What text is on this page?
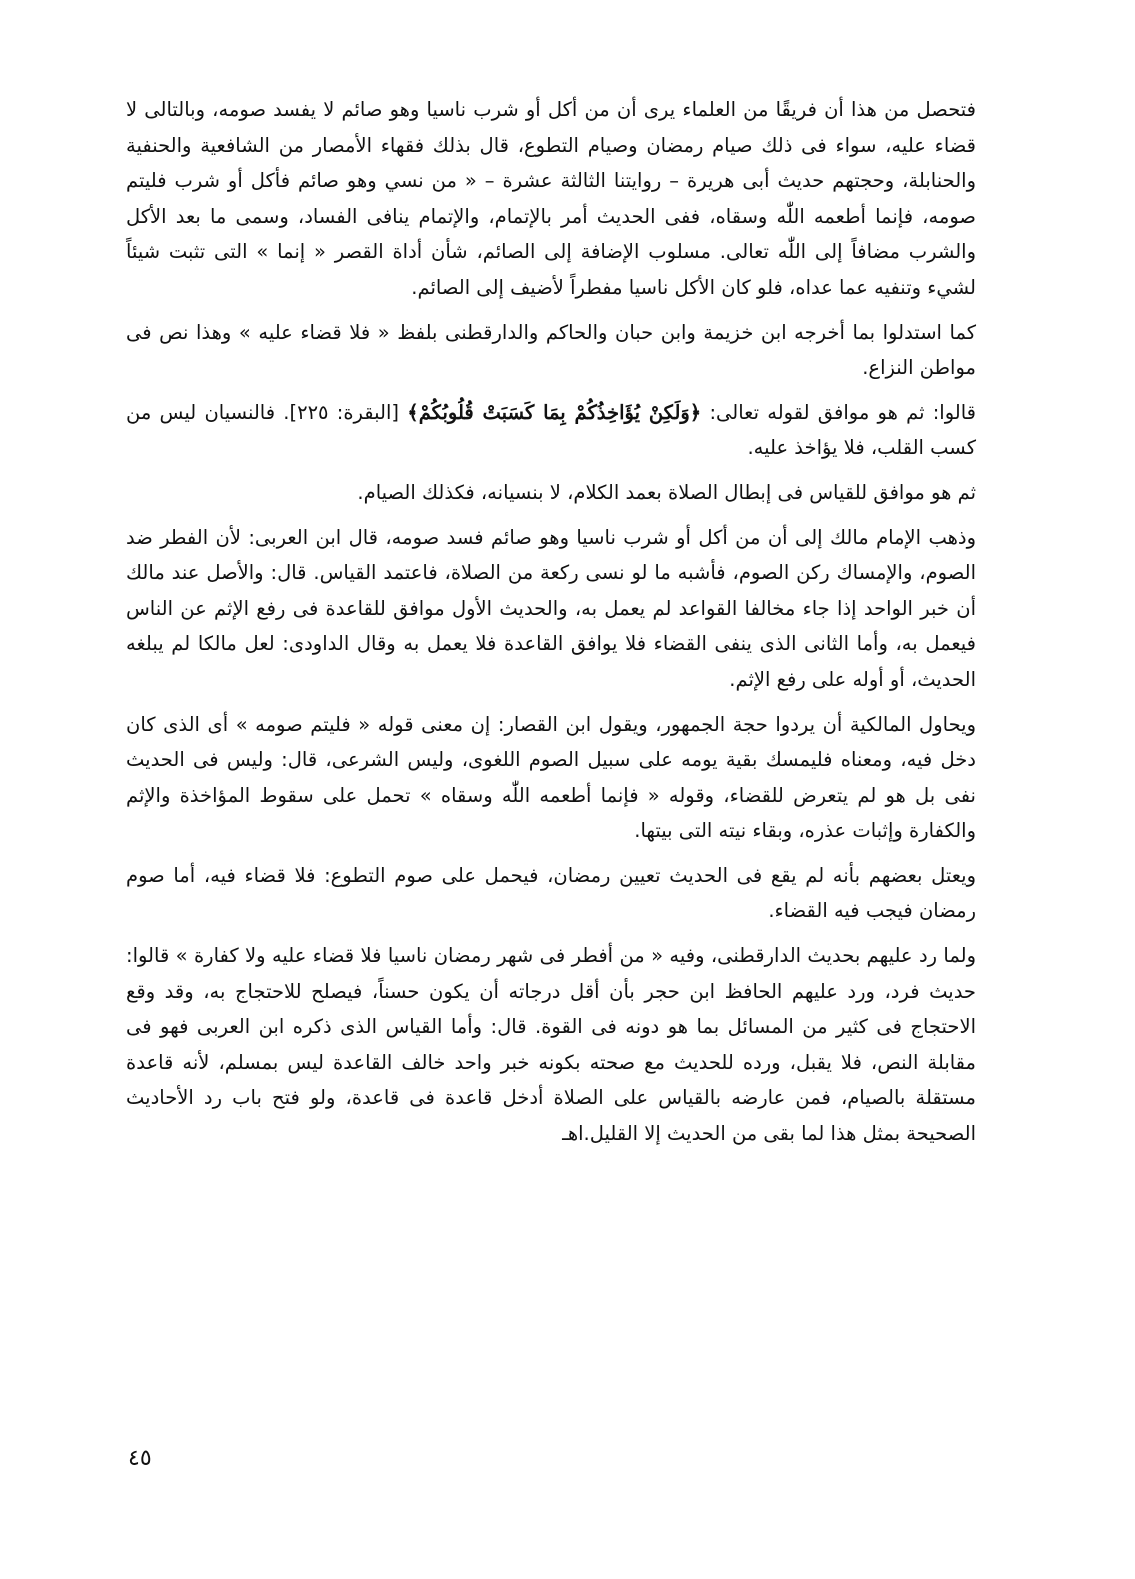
فتحصل من هذا أن فريقًا من العلماء يرى أن من أكل أو شرب ناسيا وهو صائم لا يفسد صومه، وبالتالى لا قضاء عليه، سواء فى ذلك صيام رمضان وصيام التطوع، قال بذلك فقهاء الأمصار من الشافعية والحنفية والحنابلة، وحجتهم حديث أبى هريرة – روايتنا الثالثة عشرة – « من نسي وهو صائم فأكل أو شرب فليتم صومه، فإنما أطعمه اللّٰه وسقاه، ففى الحديث أمر بالإتمام، والإتمام ينافى الفساد، وسمى ما بعد الأكل والشرب مضافاً إلى اللّٰه تعالى. مسلوب الإضافة إلى الصائم، شأن أداة القصر « إنما » التى تثبت شيئاً لشيء وتنفيه عما عداه، فلو كان الأكل ناسيا مفطراً لأضيف إلى الصائم.

كما استدلوا بما أخرجه ابن خزيمة وابن حبان والحاكم والدارقطنى بلفظ « فلا قضاء عليه » وهذا نص فى مواطن النزاع.

قالوا: ثم هو موافق لقوله تعالى: ﴿وَلَكِنْ يُؤَاخِذُكُمْ بِمَا كَسَبَتْ قُلُوبُكُمْ﴾ [البقرة: ٢٢٥]. فالنسيان ليس من كسب القلب، فلا يؤاخذ عليه.

ثم هو موافق للقياس فى إبطال الصلاة بعمد الكلام، لا بنسيانه، فكذلك الصيام.

وذهب الإمام مالك إلى أن من أكل أو شرب ناسيا وهو صائم فسد صومه، قال ابن العربى: لأن الفطر ضد الصوم، والإمساك ركن الصوم، فأشبه ما لو نسى ركعة من الصلاة، فاعتمد القياس. قال: والأصل عند مالك أن خبر الواحد إذا جاء مخالفا القواعد لم يعمل به، والحديث الأول موافق للقاعدة فى رفع الإثم عن الناس فيعمل به، وأما الثانى الذى ينفى القضاء فلا يوافق القاعدة فلا يعمل به وقال الداودى: لعل مالكا لم يبلغه الحديث، أو أوله على رفع الإثم.

ويحاول المالكية أن يردوا حجة الجمهور، ويقول ابن القصار: إن معنى قوله « فليتم صومه » أى الذى كان دخل فيه، ومعناه فليمسك بقية يومه على سبيل الصوم اللغوى، وليس الشرعى، قال: وليس فى الحديث نفى بل هو لم يتعرض للقضاء، وقوله « فإنما أطعمه اللّٰه وسقاه » تحمل على سقوط المؤاخذة والإثم والكفارة وإثبات عذره، وبقاء نيته التى بيتها.

ويعتل بعضهم بأنه لم يقع فى الحديث تعيين رمضان، فيحمل على صوم التطوع: فلا قضاء فيه، أما صوم رمضان فيجب فيه القضاء.

ولما رد عليهم بحديث الدارقطنى، وفيه « من أفطر فى شهر رمضان ناسيا فلا قضاء عليه ولا كفارة » قالوا: حديث فرد، ورد عليهم الحافظ ابن حجر بأن أقل درجاته أن يكون حسناً، فيصلح للاحتجاج به، وقد وقع الاحتجاج فى كثير من المسائل بما هو دونه فى القوة. قال: وأما القياس الذى ذكره ابن العربى فهو فى مقابلة النص، فلا يقبل، ورده للحديث مع صحته بكونه خبر واحد خالف القاعدة ليس بمسلم، لأنه قاعدة مستقلة بالصيام، فمن عارضه بالقياس على الصلاة أدخل قاعدة فى قاعدة، ولو فتح باب رد الأحاديث الصحيحة بمثل هذا لما بقى من الحديث إلا القليل.اهـ

٤٥
